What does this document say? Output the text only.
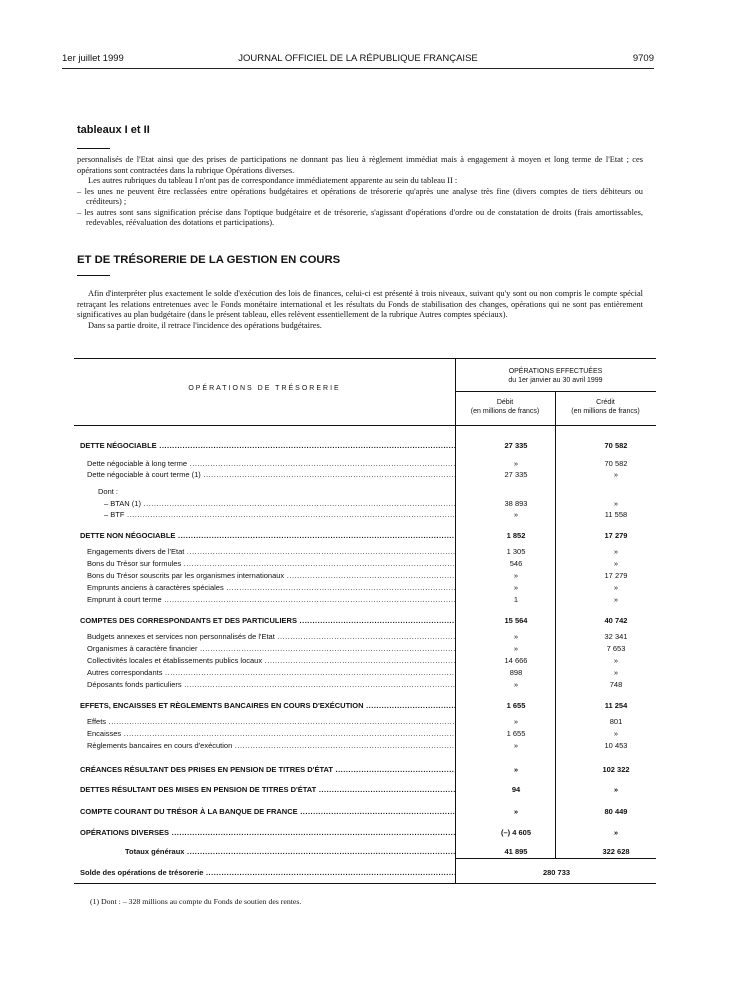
1er juillet 1999	JOURNAL OFFICIEL DE LA RÉPUBLIQUE FRANÇAISE	9709
tableaux I et II

personnalisés de l'Etat ainsi que des prises de participations ne donnant pas lieu à règlement immédiat mais à engagement à moyen et long terme de l'Etat ; ces opérations sont contractées dans la rubrique Opérations diverses.

Les autres rubriques du tableau I n'ont pas de correspondance immédiatement apparente au sein du tableau II :

– les unes ne peuvent être reclassées entre opérations budgétaires et opérations de trésorerie qu'après une analyse très fine (divers comptes de tiers débiteurs ou créditeurs) ;

– les autres sont sans signification précise dans l'optique budgétaire et de trésorerie, s'agissant d'opérations d'ordre ou de constatation de droits (frais amortissables, redevables, réévaluation des dotations et participations).

ET DE TRÉSORERIE DE LA GESTION EN COURS

Afin d'interpréter plus exactement le solde d'exécution des lois de finances, celui-ci est présenté à trois niveaux, suivant qu'y sont ou non compris le compte spécial retraçant les relations entretenues avec le Fonds monétaire international et les résultats du Fonds de stabilisation des changes, opérations qui ne sont pas entièrement significatives au plan budgétaire (dans le présent tableau, elles relèvent essentiellement de la rubrique Autres comptes spéciaux).

Dans sa partie droite, il retrace l'incidence des opérations budgétaires.

OPÉRATIONS DE TRÉSORERIE
OPÉRATIONS EFFECTUÉES
du 1er janvier au 30 avril 1999
Débit
(en millions de francs)
Crédit
(en millions de francs)
DETTE NÉGOCIABLE .....	27 335	70 582
Dette négociable à long terme .....	»	70 582
Dette négociable à court terme (1) .....	27 335	»
Dont :
– BTAN (1) .....	38 893	»
– BTF .....	»	11 558
DETTE NON NÉGOCIABLE .....	1 852	17 279
Engagements divers de l'Etat .....	1 305	»
Bons du Trésor sur formules .....	546	»
Bons du Trésor souscrits par les organismes internationaux .....	»	17 279
Emprunts anciens à caractères spéciales .....	»	»
Emprunt à court terme .....	1	»
COMPTES DES CORRESPONDANTS ET DES PARTICULIERS .....	15 564	40 742
Budgets annexes et services non personnalisés de l'Etat .....	»	32 341
Organismes à caractère financier .....	»	7 653
Collectivités locales et établissements publics locaux .....	14 666	»
Autres correspondants .....	898	»
Déposants fonds particuliers .....	»	748
EFFETS, ENCAISSES ET RÈGLEMENTS BANCAIRES EN COURS D'EXÉCUTION .....	1 655	11 254
Effets .....	»	801
Encaisses .....	1 655	»
Règlements bancaires en cours d'exécution .....	»	10 453
CRÉANCES RÉSULTANT DES PRISES EN PENSION DE TITRES D'ÉTAT .....	»	102 322
DETTES RÉSULTANT DES MISES EN PENSION DE TITRES D'ÉTAT .....	94	»
COMPTE COURANT DU TRÉSOR À LA BANQUE DE FRANCE .....	»	80 449
OPÉRATIONS DIVERSES .....	(–) 4 605	»
Totaux généraux .....	41 895	322 628
Solde des opérations de trésorerie .....	280 733
(1) Dont : – 328 millions au compte du Fonds de soutien des rentes.
